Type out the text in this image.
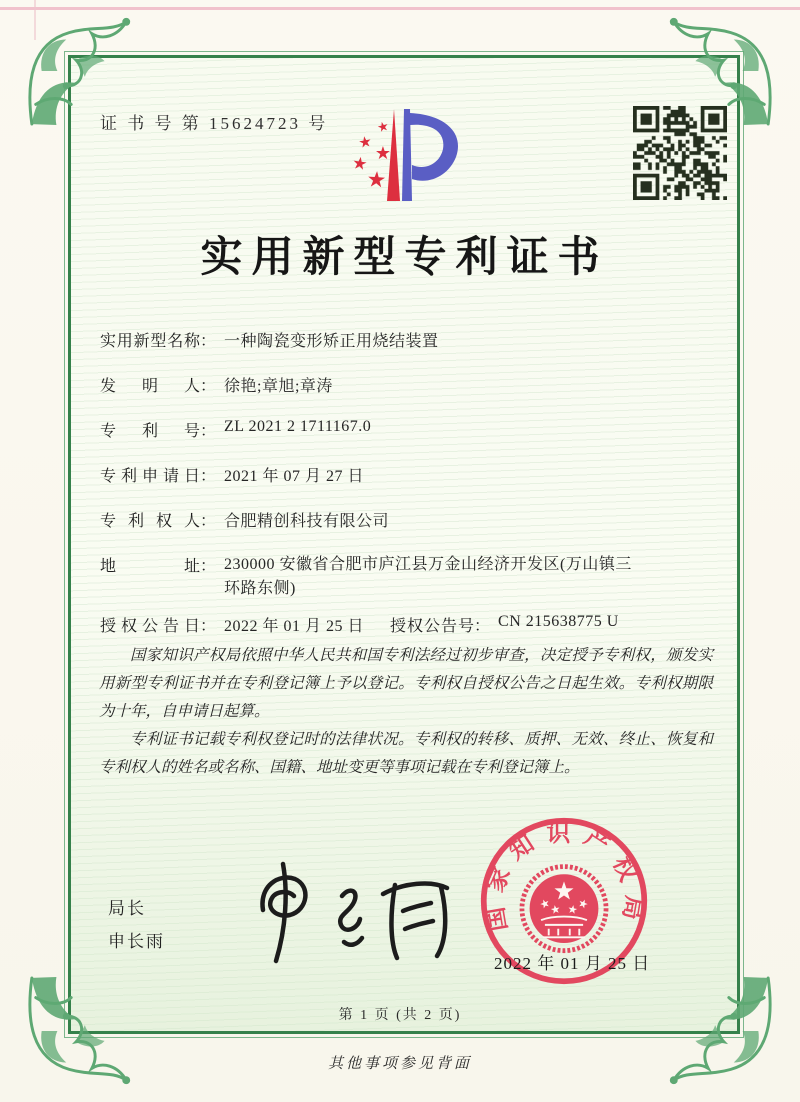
证 书 号 第 15624723 号	★
★
★
★
★
实用新型专利证书
实用新型名称： 一种陶瓷变形矫正用烧结装置
发明人： 徐艳;章旭;章涛
专利号： ZL 2021 2 1711167.0
专利申请日： 2021 年 07 月 27 日
专利权人： 合肥精创科技有限公司
地址： 230000 安徽省合肥市庐江县万金山经济开发区(万山镇三环路东侧)
授权公告日： 2022 年 01 月 25 日 授权公告号： CN 215638775 U

国家知识产权局依照中华人民共和国专利法经过初步审查，决定授予专利权，颁发实用新型专利证书并在专利登记簿上予以登记。专利权自授权公告之日起生效。专利权期限为十年，自申请日起算。

专利证书记载专利权登记时的法律状况。专利权的转移、质押、无效、终止、恢复和专利权人的姓名或名称、国籍、地址变更等事项记载在专利登记簿上。

局长
申长雨
国家知识产权局
2022 年 01 月 25 日
第 1 页 (共 2 页)
其他事项参见背面
